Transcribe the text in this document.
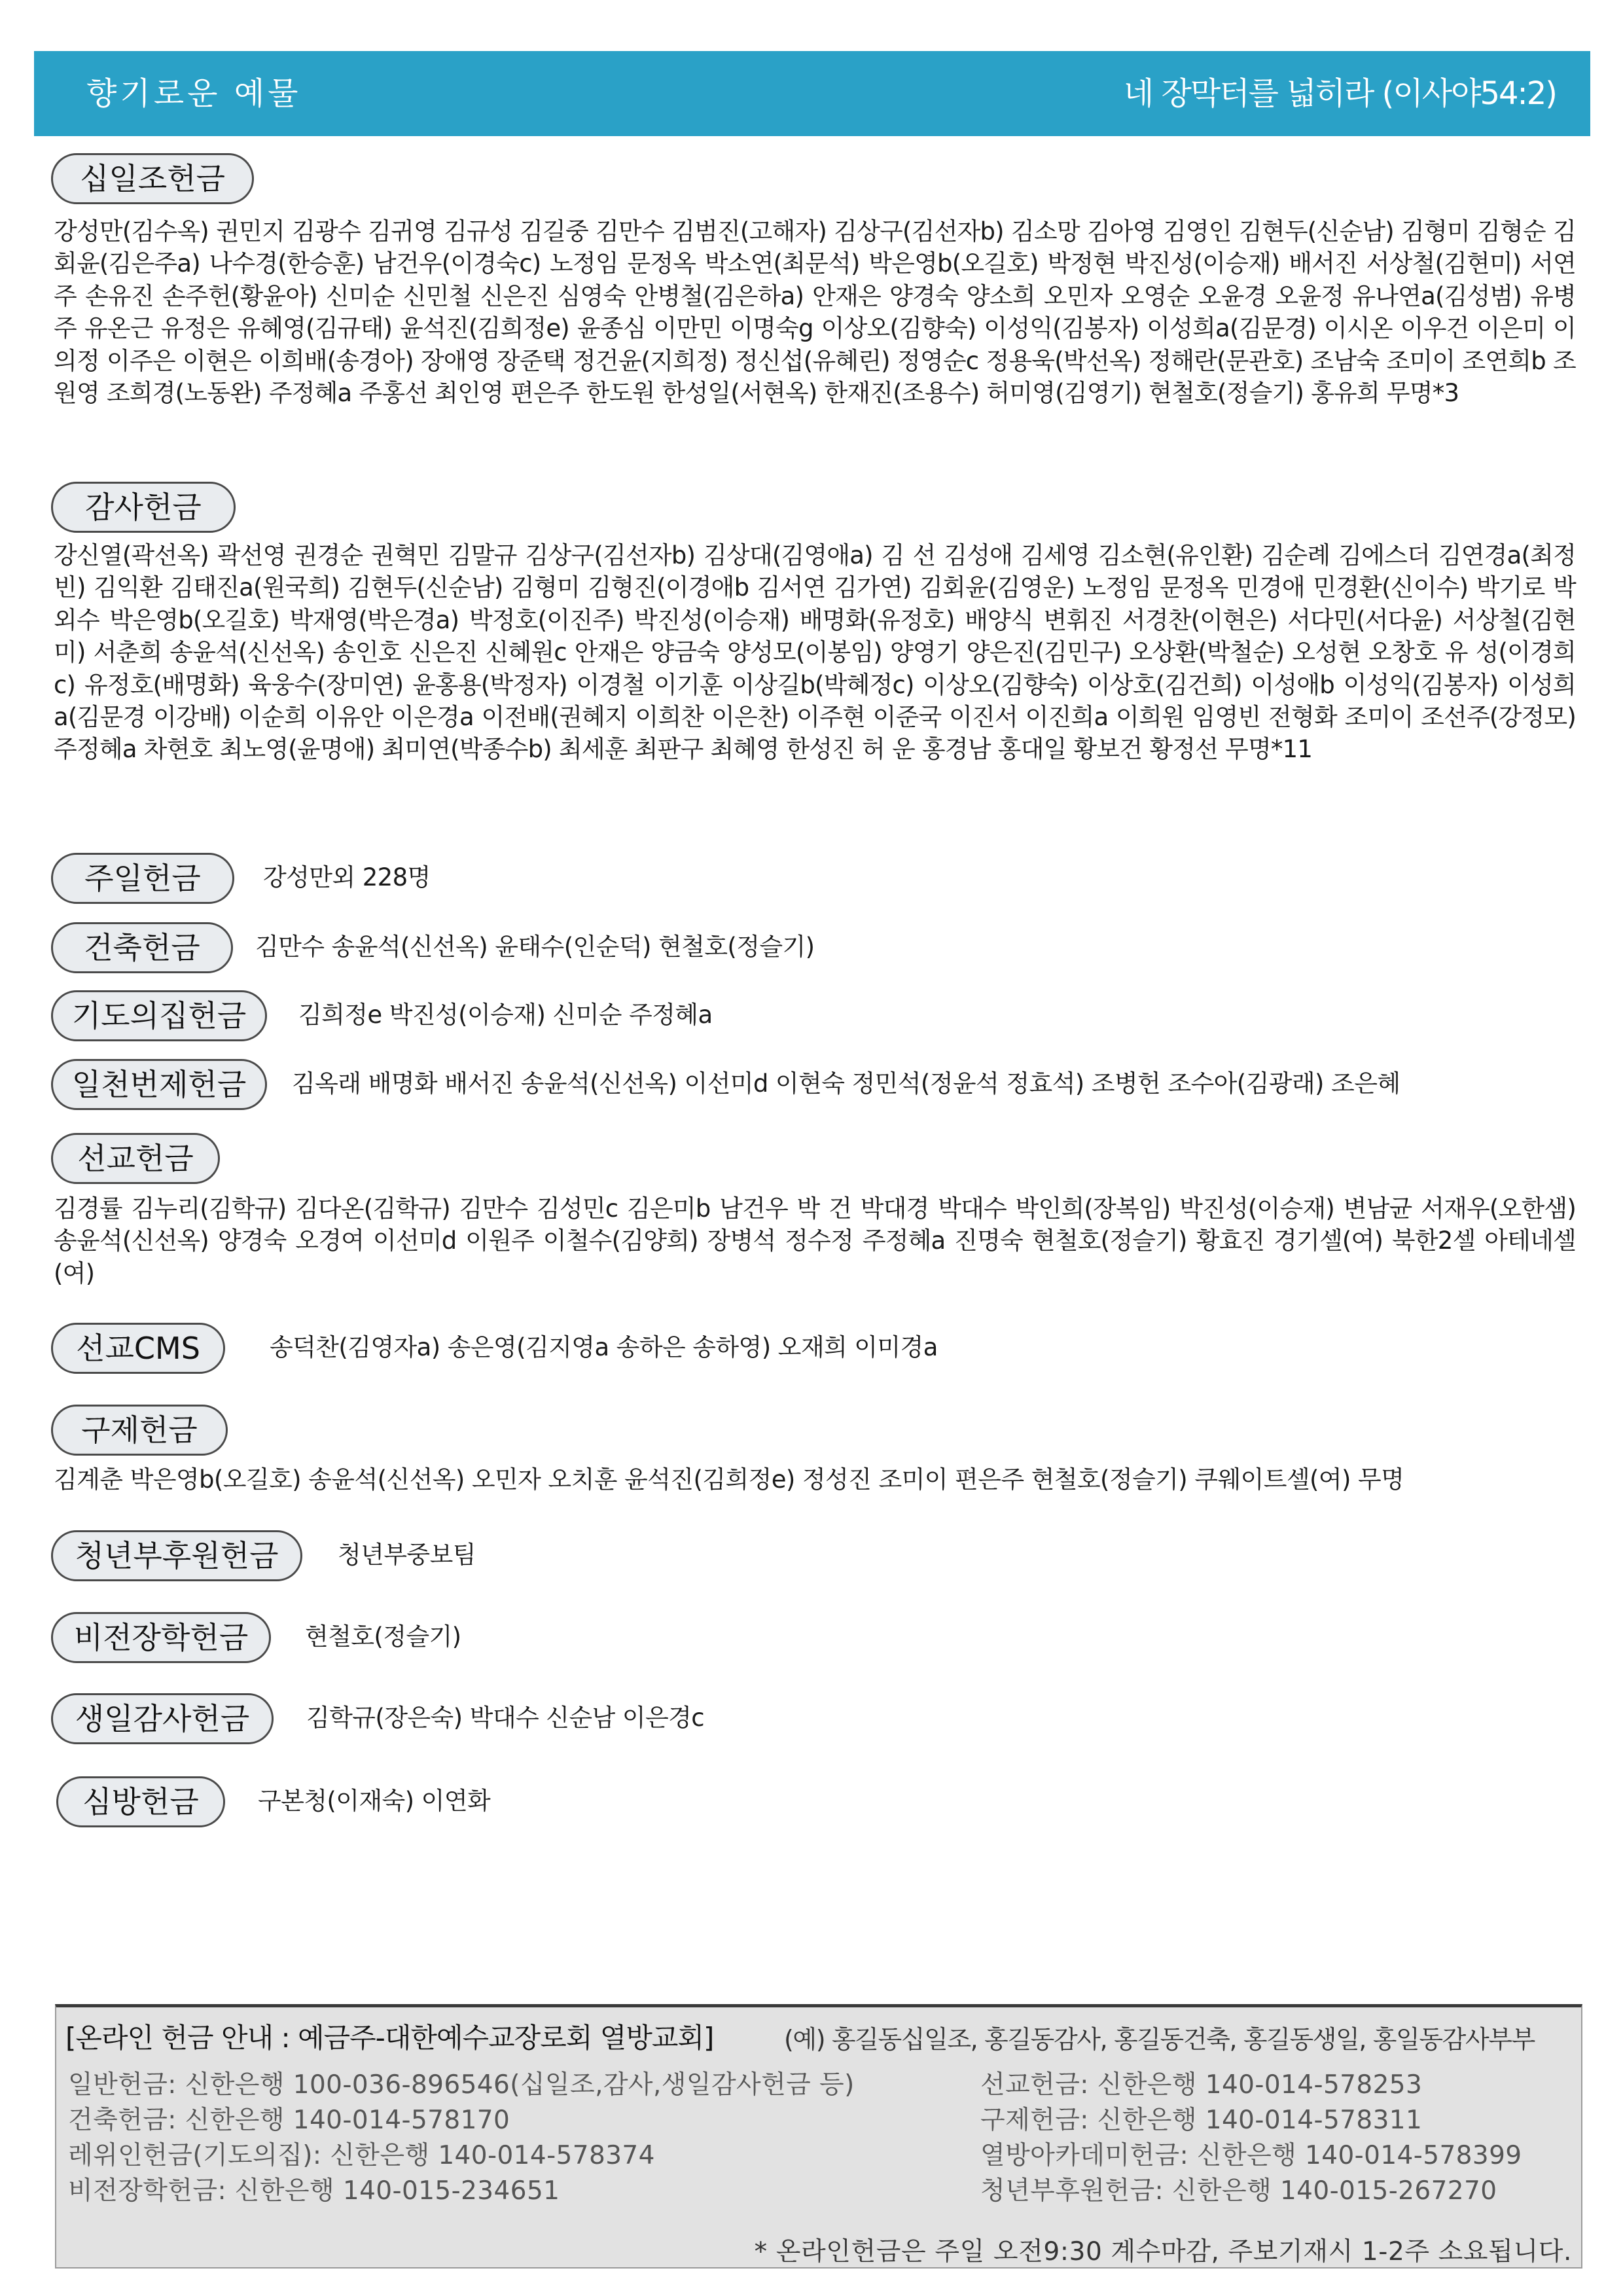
향기로운 예물	네 장막터를 넓히라 (이사야54:2)
십일조헌금

강성만(김수옥) 권민지 김광수 김귀영 김규성 김길중 김만수 김범진(고해자) 김상구(김선자b) 김소망 김아영 김영인 김현두(신순남) 김형미 김형순 김회윤(김은주a) 나수경(한승훈) 남건우(이경숙c) 노정임 문정옥 박소연(최문석) 박은영b(오길호) 박정현 박진성(이승재) 배서진 서상철(김현미) 서연주 손유진 손주헌(황윤아) 신미순 신민철 신은진 심영숙 안병철(김은하a) 안재은 양경숙 양소희 오민자 오영순 오윤경 오윤정 유나연a(김성범) 유병주 유온근 유정은 유혜영(김규태) 윤석진(김희정e) 윤종심 이만민 이명숙g 이상오(김향숙) 이성익(김봉자) 이성희a(김문경) 이시온 이우건 이은미 이의정 이주은 이현은 이희배(송경아) 장애영 장준택 정건윤(지희정) 정신섭(유혜린) 정영순c 정용욱(박선옥) 정해란(문관호) 조남숙 조미이 조연희b 조원영 조희경(노동완) 주정혜a 주홍선 최인영 편은주 한도원 한성일(서현옥) 한재진(조용수) 허미영(김영기) 현철호(정슬기) 홍유희 무명*3

감사헌금

강신열(곽선옥) 곽선영 권경순 권혁민 김말규 김상구(김선자b) 김상대(김영애a) 김 선 김성애 김세영 김소현(유인환) 김순례 김에스더 김연경a(최정빈) 김익환 김태진a(원국희) 김현두(신순남) 김형미 김형진(이경애b 김서연 김가연) 김회윤(김영운) 노정임 문정옥 민경애 민경환(신이수) 박기로 박외수 박은영b(오길호) 박재영(박은경a) 박정호(이진주) 박진성(이승재) 배명화(유정호) 배양식 변휘진 서경찬(이현은) 서다민(서다윤) 서상철(김현미) 서춘희 송윤석(신선옥) 송인호 신은진 신혜원c 안재은 양금숙 양성모(이봉임) 양영기 양은진(김민구) 오상환(박철순) 오성현 오창호 유 성(이경희c) 유정호(배명화) 육웅수(장미연) 윤홍용(박정자) 이경철 이기훈 이상길b(박혜정c) 이상오(김향숙) 이상호(김건희) 이성애b 이성익(김봉자) 이성희a(김문경 이강배) 이순희 이유안 이은경a 이전배(권혜지 이희찬 이은찬) 이주현 이준국 이진서 이진희a 이희원 임영빈 전형화 조미이 조선주(강정모) 주정혜a 차현호 최노영(윤명애) 최미연(박종수b) 최세훈 최판구 최혜영 한성진 허 운 홍경남 홍대일 황보건 황정선 무명*11

주일헌금	강성만외 228명
건축헌금	김만수 송윤석(신선옥) 윤태수(인순덕) 현철호(정슬기)
기도의집헌금	김희정e 박진성(이승재) 신미순 주정혜a
일천번제헌금	김옥래 배명화 배서진 송윤석(신선옥) 이선미d 이현숙 정민석(정윤석 정효석) 조병헌 조수아(김광래) 조은혜
선교헌금

김경률 김누리(김학규) 김다온(김학규) 김만수 김성민c 김은미b 남건우 박 건 박대경 박대수 박인희(장복임) 박진성(이승재) 변남균 서재우(오한샘) 송윤석(신선옥) 양경숙 오경여 이선미d 이원주 이철수(김양희) 장병석 정수정 주정혜a 진명숙 현철호(정슬기) 황효진 경기셀(여) 북한2셀 아테네셀(여)

선교CMS	송덕찬(김영자a) 송은영(김지영a 송하은 송하영) 오재희 이미경a
구제헌금
김계춘 박은영b(오길호) 송윤석(신선옥) 오민자 오치훈 윤석진(김희정e) 정성진 조미이 편은주 현철호(정슬기) 쿠웨이트셀(여) 무명
청년부후원헌금	청년부중보팀
비전장학헌금	현철호(정슬기)
생일감사헌금	김학규(장은숙) 박대수 신순남 이은경c
심방헌금	구본청(이재숙) 이연화
[온라인 헌금 안내 : 예금주-대한예수교장로회 열방교회]	(예) 홍길동십일조, 홍길동감사, 홍길동건축, 홍길동생일, 홍일동감사부부
일반헌금: 신한은행 100-036-896546(십일조,감사,생일감사헌금 등)
건축헌금: 신한은행 140-014-578170
레위인헌금(기도의집): 신한은행 140-014-578374
비전장학헌금: 신한은행 140-015-234651
선교헌금: 신한은행 140-014-578253
구제헌금: 신한은행 140-014-578311
열방아카데미헌금: 신한은행 140-014-578399
청년부후원헌금: 신한은행 140-015-267270
* 온라인헌금은 주일 오전9:30 계수마감, 주보기재시 1-2주 소요됩니다.
